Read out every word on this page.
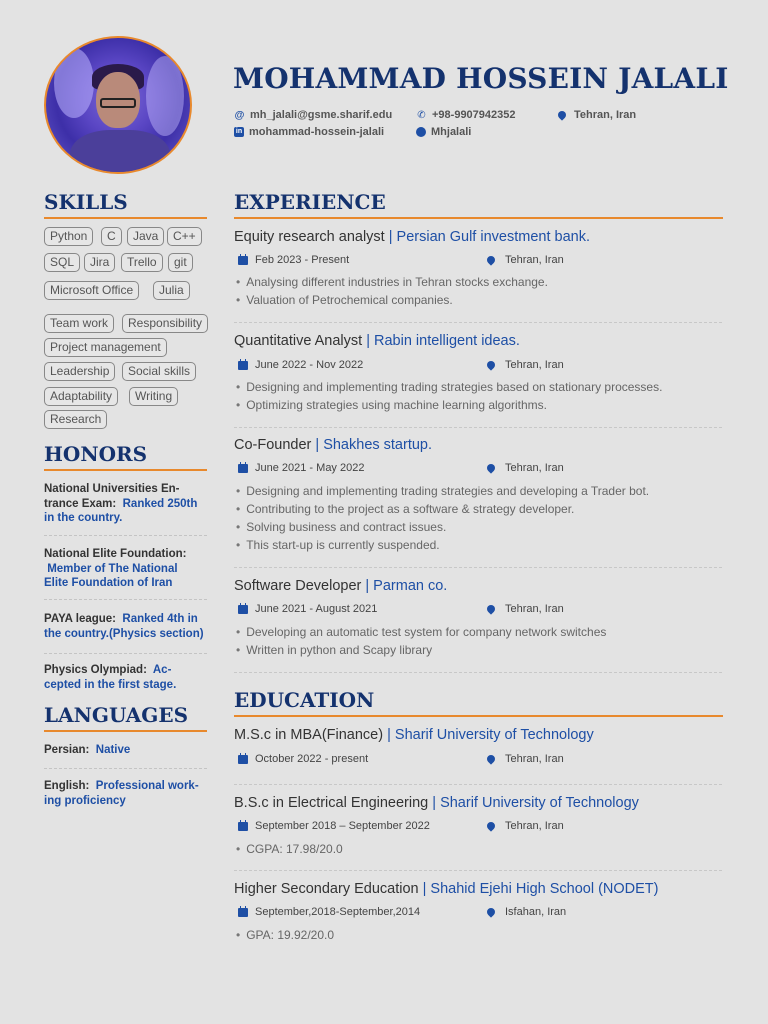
MOHAMMAD HOSSEIN JALALI
@ mh_jalali@gsme.sharif.edu	✆ +98-9907942352	Tehran, Iran
in mohammad-hossein-jalali	Mhjalali
SKILLS
Python	C	Java	C++
SQL	Jira	Trello	git
Microsoft Office	Julia
Team work	Responsibility
Project management
Leadership	Social skills
Adaptability	Writing
Research
HONORS
National Universities En-
trance Exam: Ranked 250th
in the country.
National Elite Foundation:
Member of The National
Elite Foundation of Iran
PAYA league: Ranked 4th in
the country.(Physics section)
Physics Olympiad: Ac-
cepted in the first stage.
LANGUAGES
Persian: Native
English: Professional work-
ing proficiency
EXPERIENCE
Equity research analyst | Persian Gulf investment bank.
Feb 2023 - Present	Tehran, Iran
• Analysing different industries in Tehran stocks exchange.
• Valuation of Petrochemical companies.
Quantitative Analyst | Rabin intelligent ideas.
June 2022 - Nov 2022	Tehran, Iran
• Designing and implementing trading strategies based on stationary processes.
• Optimizing strategies using machine learning algorithms.
Co-Founder | Shakhes startup.
June 2021 - May 2022	Tehran, Iran
• Designing and implementing trading strategies and developing a Trader bot.
• Contributing to the project as a software & strategy developer.
• Solving business and contract issues.
• This start-up is currently suspended.
Software Developer | Parman co.
June 2021 - August 2021	Tehran, Iran
• Developing an automatic test system for company network switches
• Written in python and Scapy library
EDUCATION
M.S.c in MBA(Finance) | Sharif University of Technology
October 2022 - present	Tehran, Iran
B.S.c in Electrical Engineering | Sharif University of Technology
September 2018 – September 2022	Tehran, Iran
• CGPA: 17.98/20.0
Higher Secondary Education | Shahid Ejehi High School (NODET)
September,2018-September,2014	Isfahan, Iran
• GPA: 19.92/20.0
